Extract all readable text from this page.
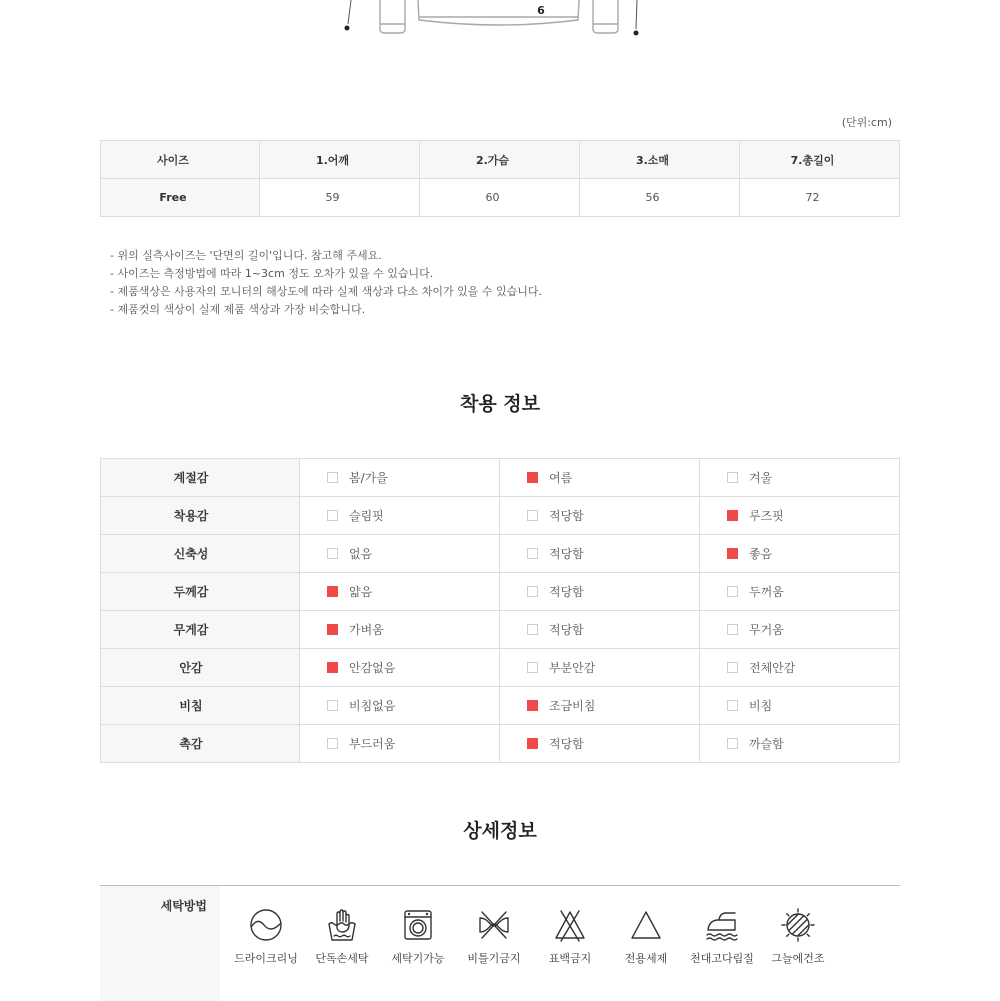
6
(단위:cm)
사이즈	1.어깨	2.가슴	3.소매	7.총길이
Free	59	60	56	72
- 위의 실측사이즈는 '단면의 길이'입니다. 참고해 주세요.
- 사이즈는 측정방법에 따라 1~3cm 정도 오차가 있을 수 있습니다.
- 제품색상은 사용자의 모니터의 해상도에 따라 실제 색상과 다소 차이가 있을 수 있습니다.
- 제품컷의 색상이 실제 제품 색상과 가장 비슷합니다.
착용 정보
계절감	봄/가을	여름	겨울
착용감	슬림핏	적당함	루즈핏
신축성	없음	적당함	좋음
두께감	얇음	적당함	두꺼움
무게감	가벼움	적당함	무거움
안감	안감없음	부분안감	전체안감
비침	비침없음	조금비침	비침
촉감	부드러움	적당함	까슬함
상세정보
세탁방법
드라이크리닝	단독손세탁	세탁기가능	비틀기금지	표백금지	전용세제	천대고다림질	그늘에건조
